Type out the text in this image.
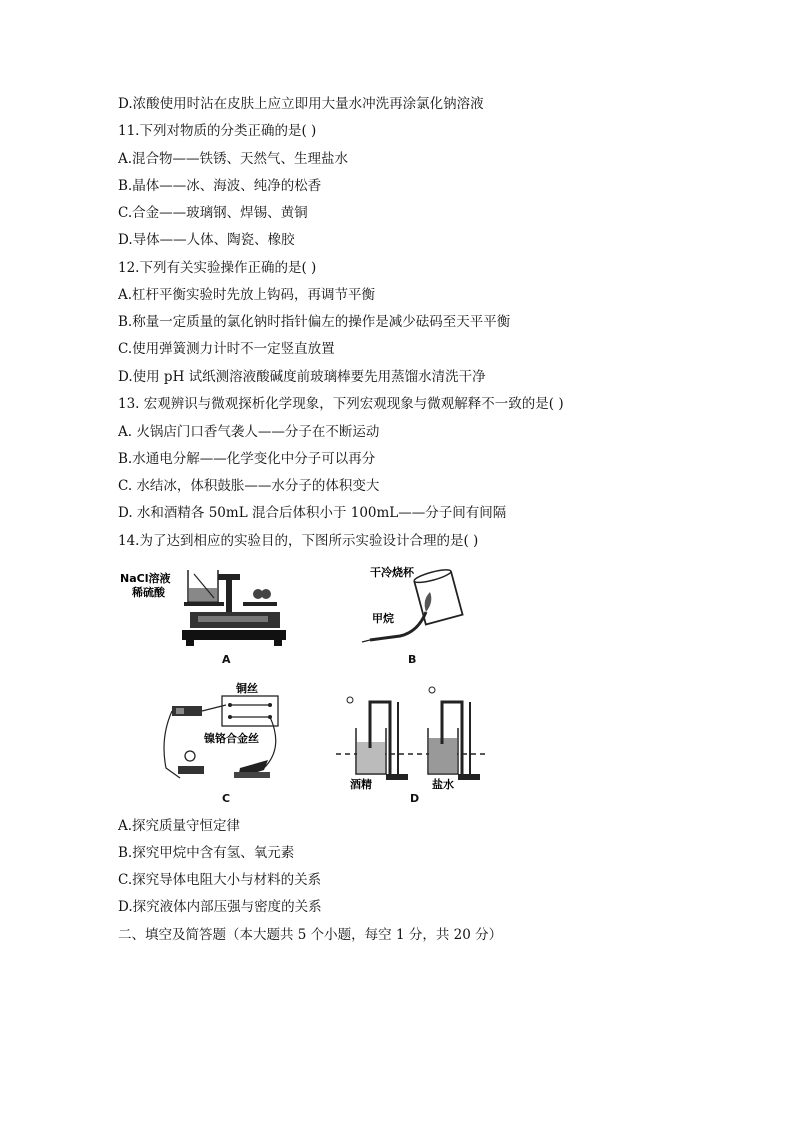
D.浓酸使用时沾在皮肤上应立即用大量水冲洗再涂氯化钠溶液
11.下列对物质的分类正确的是( )
A.混合物——铁锈、天然气、生理盐水
B.晶体——冰、海波、纯净的松香
C.合金——玻璃钢、焊锡、黄铜
D.导体——人体、陶瓷、橡胶
12.下列有关实验操作正确的是( )
A.杠杆平衡实验时先放上钩码，再调节平衡
B.称量一定质量的氯化钠时指针偏左的操作是减少砝码至天平平衡
C.使用弹簧测力计时不一定竖直放置
D.使用 pH 试纸测溶液酸碱度前玻璃棒要先用蒸馏水清洗干净
13. 宏观辨识与微观探析化学现象，下列宏观现象与微观解释不一致的是( )
A. 火锅店门口香气袭人——分子在不断运动
B.水通电分解——化学变化中分子可以再分
C. 水结冰，体积鼓胀——水分子的体积变大
D. 水和酒精各 50mL 混合后体积小于 100mL——分子间有间隔
14.为了达到相应的实验目的，下图所示实验设计合理的是( )
NaCl溶液
稀硫酸
A
干冷烧杯
甲烷
B
铜丝
镍铬合金丝
C
酒精	盐水
D
A.探究质量守恒定律
B.探究甲烷中含有氢、氧元素
C.探究导体电阻大小与材料的关系
D.探究液体内部压强与密度的关系
二、填空及简答题（本大题共 5 个小题，每空 1 分，共 20 分）
